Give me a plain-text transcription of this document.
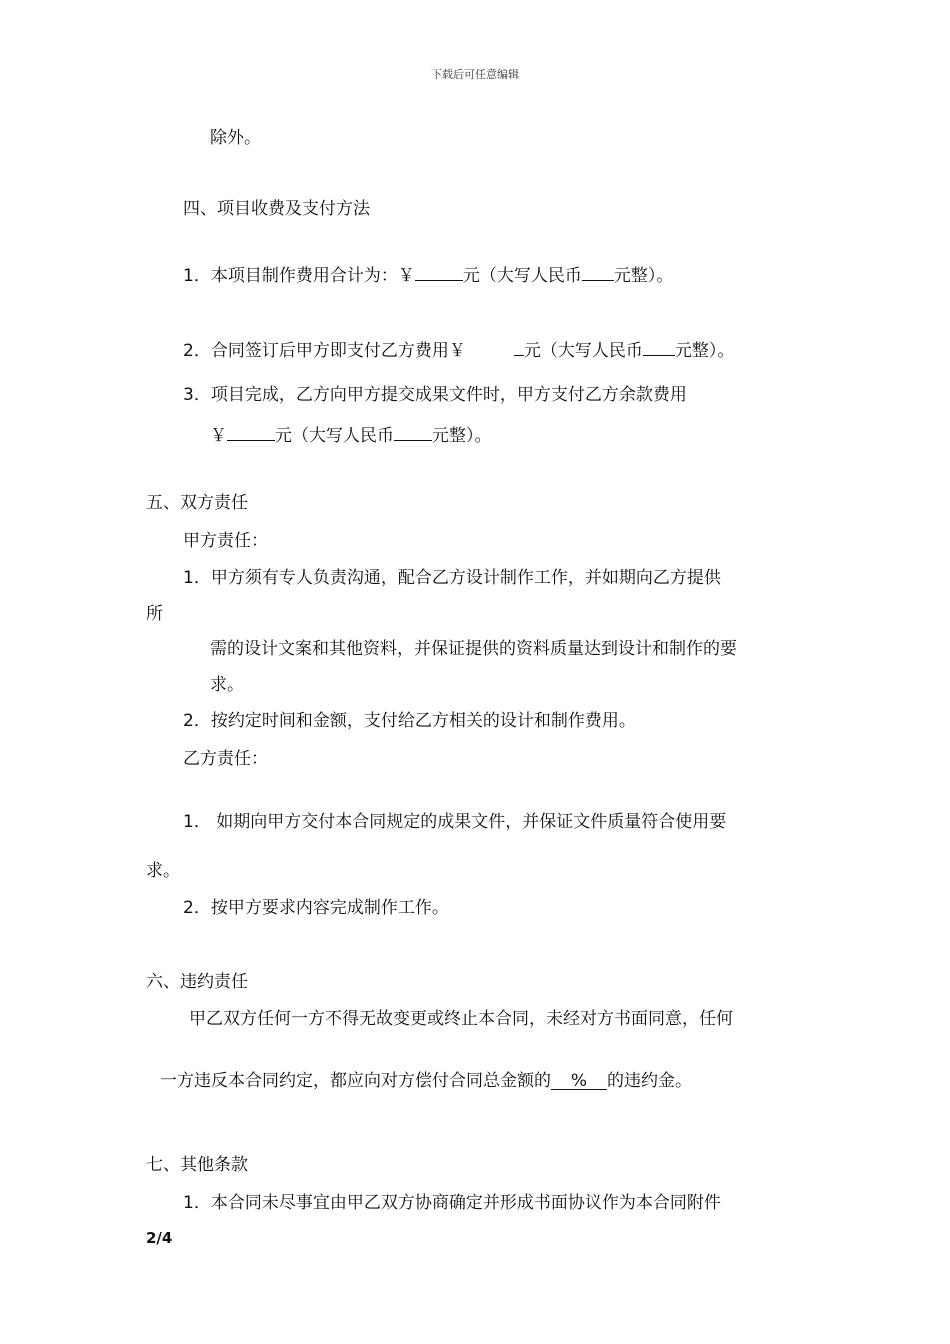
下载后可任意编辑
除外。
四、项目收费及支付方法
1．本项目制作费用合计为：￥	元（大写人民币 元整）。
2．合同签订后甲方即支付乙方费用￥	元（大写人民币 元整）。
3．项目完成，乙方向甲方提交成果文件时，甲方支付乙方余款费用
￥	元（大写人民币 元整）。
五、双方责任
甲方责任：
1．甲方须有专人负责沟通，配合乙方设计制作工作，并如期向乙方提供
所
需的设计文案和其他资料，并保证提供的资料质量达到设计和制作的要
求。
2．按约定时间和金额，支付给乙方相关的设计和制作费用。
乙方责任：
1． 如期向甲方交付本合同规定的成果文件，并保证文件质量符合使用要
求。
2．按甲方要求内容完成制作工作。
六、违约责任
甲乙双方任何一方不得无故变更或终止本合同，未经对方书面同意，任何
一方违反本合同约定，都应向对方偿付合同总金额的 % 的违约金。
七、其他条款
1．本合同未尽事宜由甲乙双方协商确定并形成书面协议作为本合同附件
2/4
